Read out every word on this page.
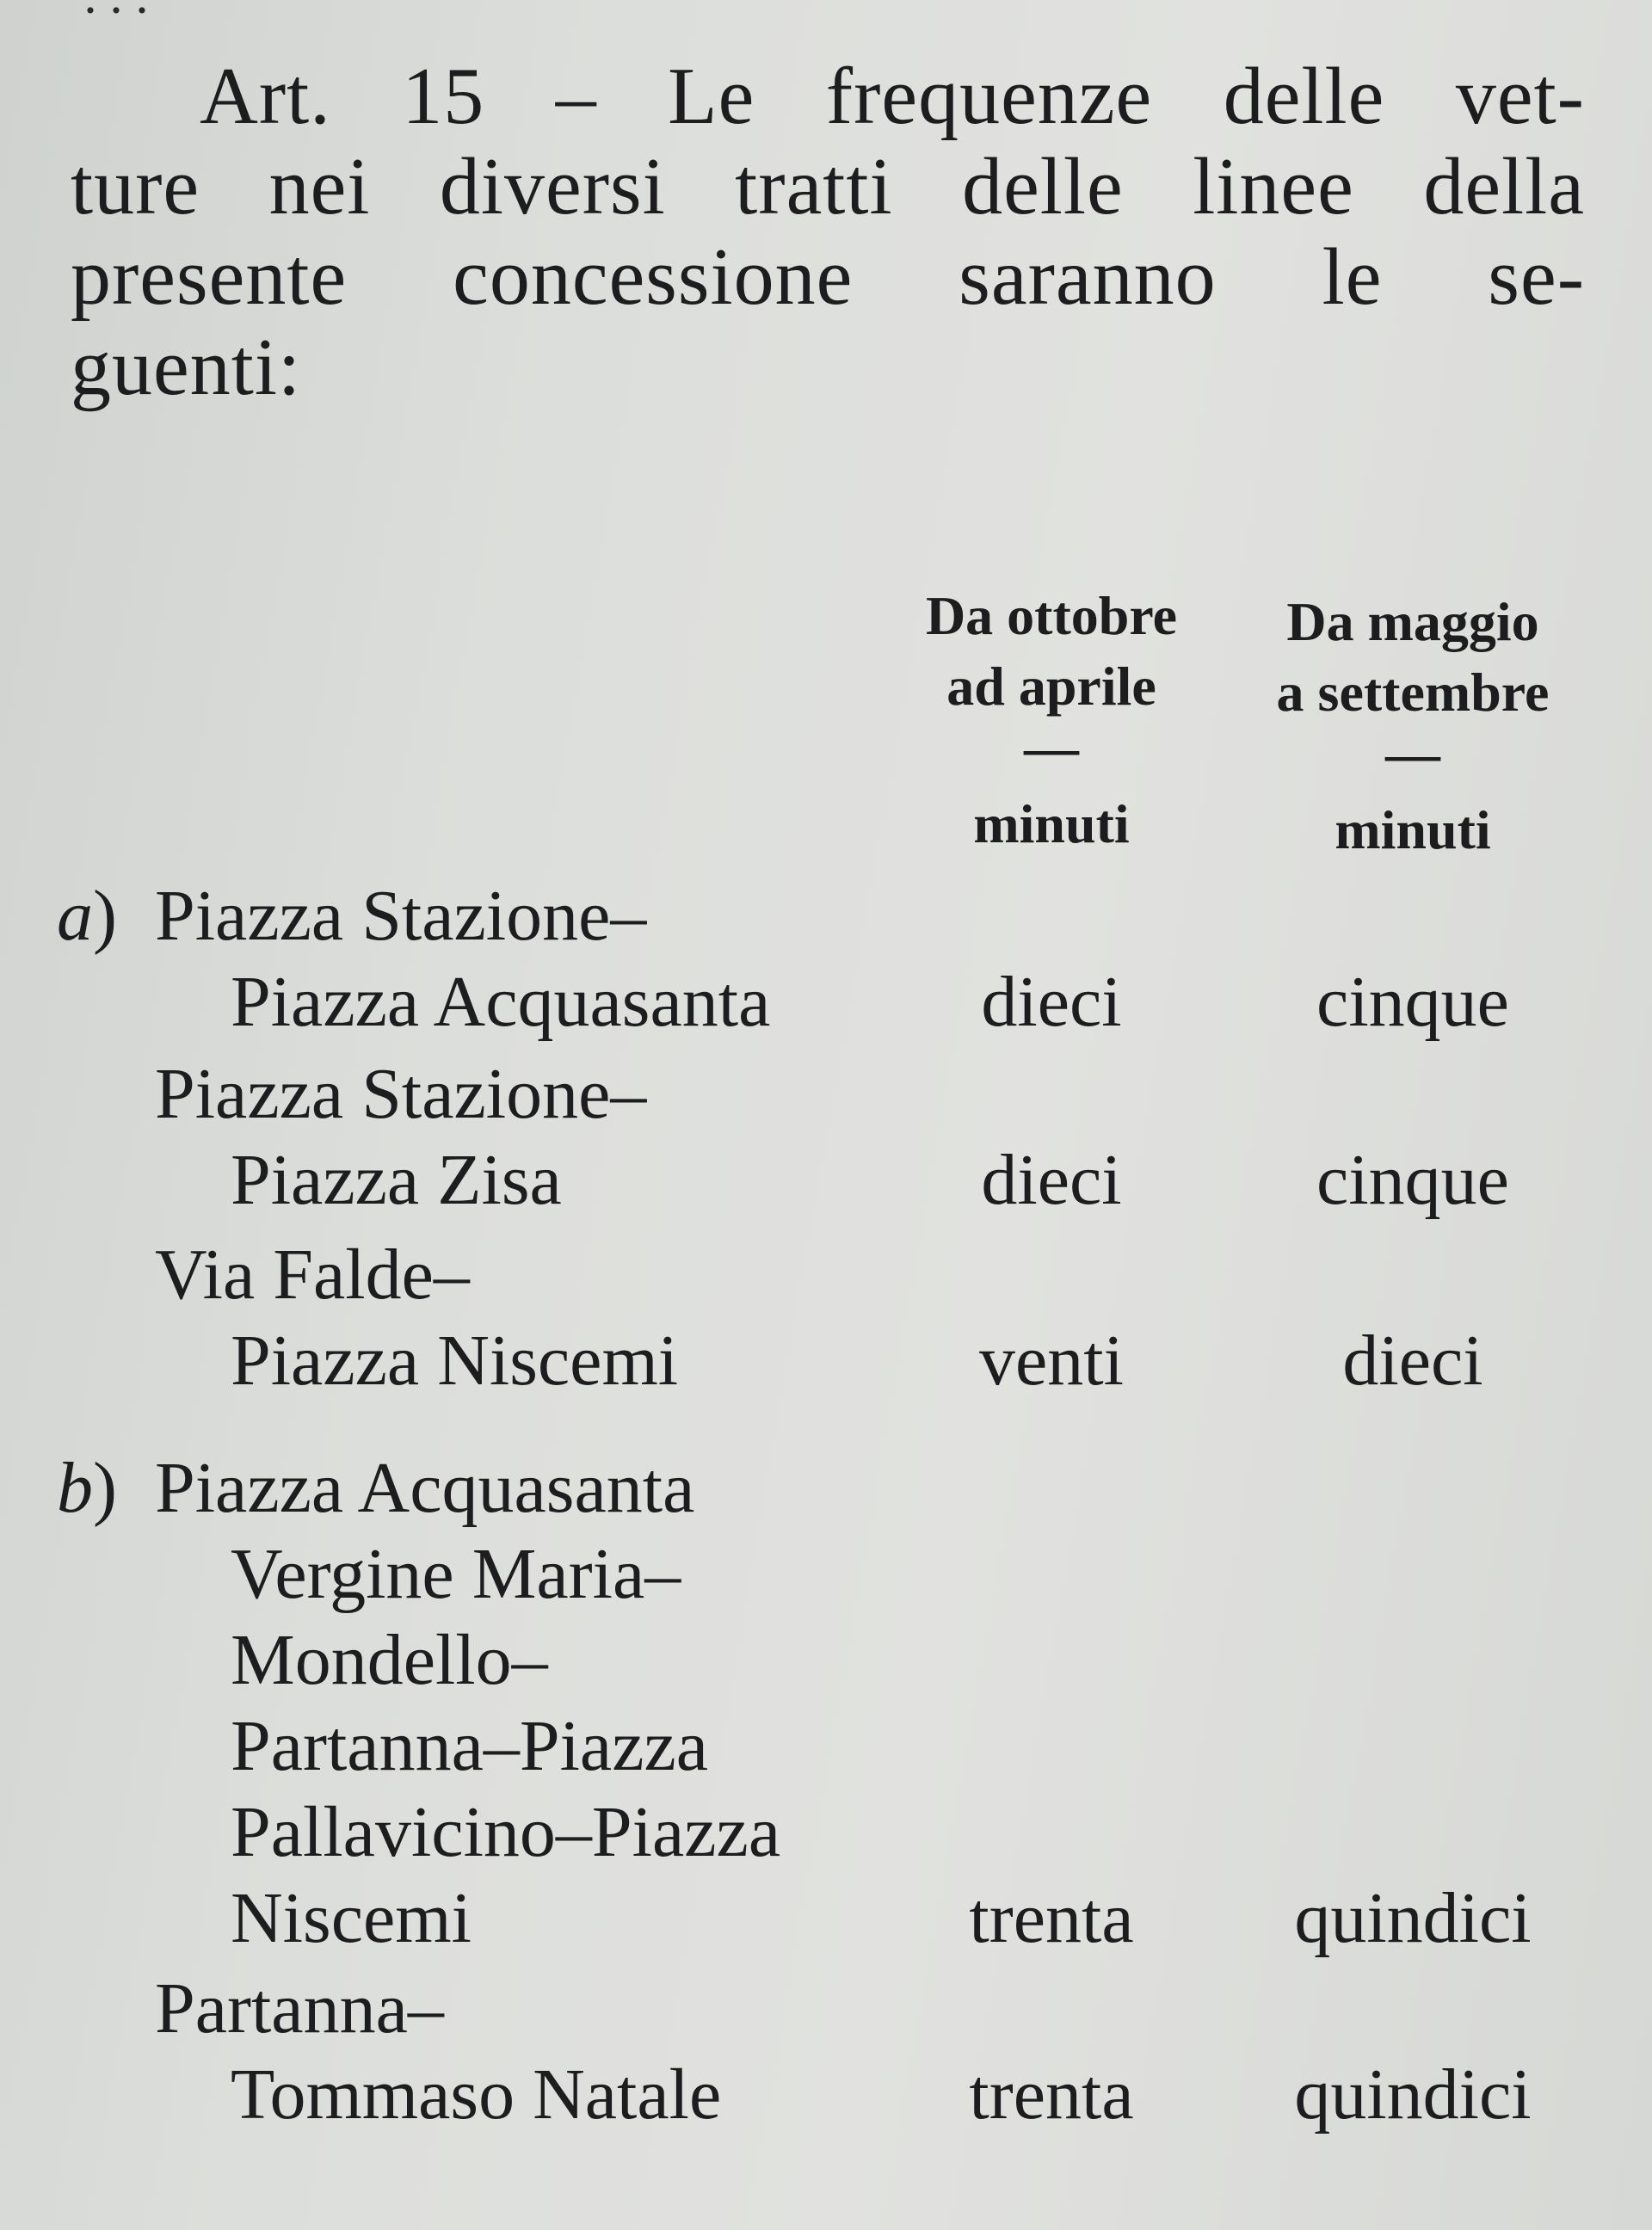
···
Art. 15 – Le frequenze delle vet-
ture nei diversi tratti delle linee della
presente concessione saranno le se-
guenti:
Da ottobre
ad aprile
—
minuti
Da maggio
a settembre
—
minuti
a) Piazza Stazione–
Piazza Acquasanta	dieci	cinque
Piazza Stazione–
Piazza Zisa	dieci	cinque
Via Falde–
Piazza Niscemi	venti	dieci
b) Piazza Acquasanta
Vergine Maria–
Mondello–
Partanna–Piazza
Pallavicino–Piazza
Niscemi	trenta	quindici
Partanna–
Tommaso Natale	trenta	quindici
